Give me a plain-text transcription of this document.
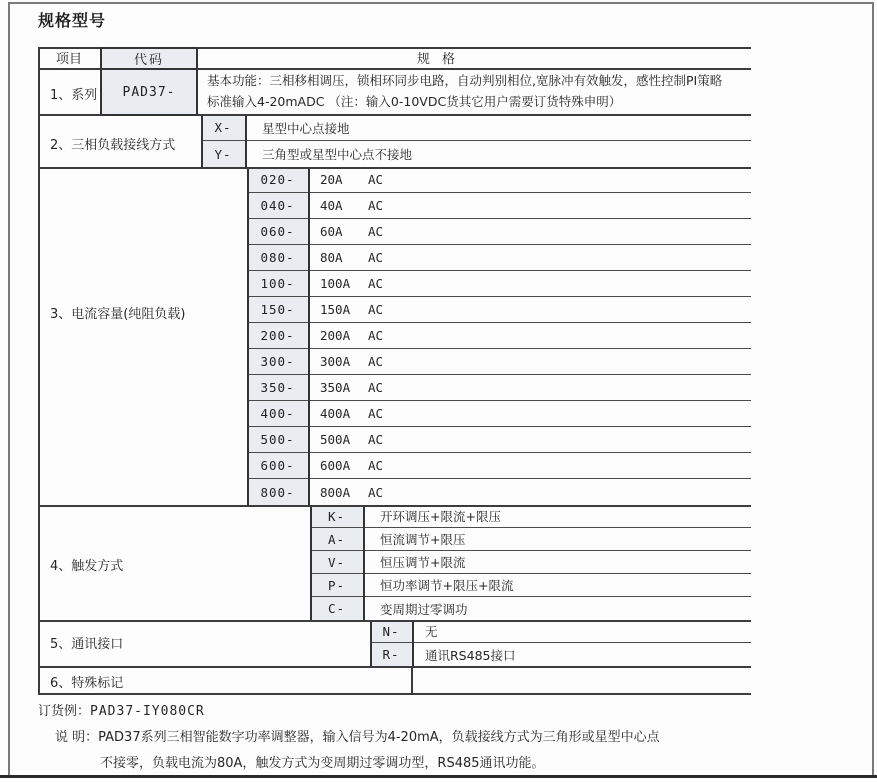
规格型号
项目	代码	规 格
1、系列	PAD37-
基本功能：三相移相调压，锁相环同步电路，自动判别相位,宽脉冲有效触发，感性控制PI策略
标准输入4-20mADC （注：输入0-10VDC货其它用户需要订货特殊申明）
2、三相负载接线方式
X-	星型中心点接地
Y-	三角型或星型中心点不接地
3、电流容量(纯阻负载)
020-	20A AC
040-	40A AC
060-	60A AC
080-	80A AC
100-	100A AC
150-	150A AC
200-	200A AC
300-	300A AC
350-	350A AC
400-	400A AC
500-	500A AC
600-	600A AC
800-	800A AC
4、触发方式
K-	开环调压+限流+限压
A-	恒流调节+限压
V-	恒压调节+限流
P-	恒功率调节+限压+限流
C-	变周期过零调功
5、通讯接口
N-	无
R-	通讯RS485接口
6、特殊标记
订货例：PAD37-IY080CR
说 明：PAD37系列三相智能数字功率调整器，输入信号为4-20mA，负载接线方式为三角形或星型中心点
不接零，负载电流为80A，触发方式为变周期过零调功型，RS485通讯功能。
